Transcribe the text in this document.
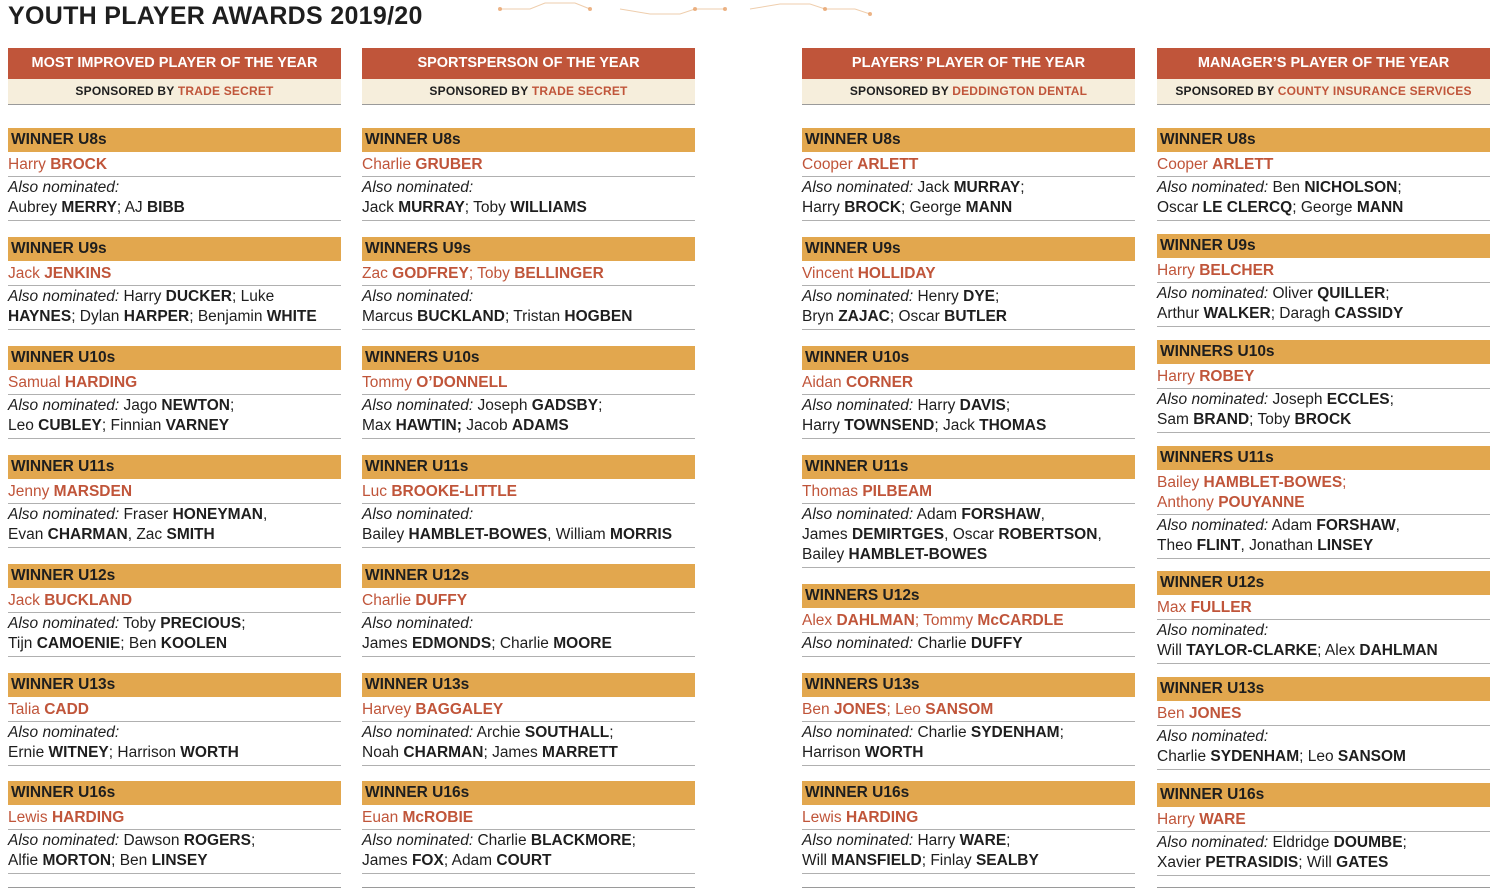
YOUTH PLAYER AWARDS 2019/20
MOST IMPROVED PLAYER OF THE YEAR
SPONSORED BY TRADE SECRET
WINNER U8s
Harry BROCK
Also nominated:
Aubrey MERRY; AJ BIBB
WINNER U9s
Jack JENKINS
Also nominated: Harry DUCKER; Luke
HAYNES; Dylan HARPER; Benjamin WHITE
WINNER U10s
Samual HARDING
Also nominated: Jago NEWTON;
Leo CUBLEY; Finnian VARNEY
WINNER U11s
Jenny MARSDEN
Also nominated: Fraser HONEYMAN,
Evan CHARMAN, Zac SMITH
WINNER U12s
Jack BUCKLAND
Also nominated: Toby PRECIOUS;
Tijn CAMOENIE; Ben KOOLEN
WINNER U13s
Talia CADD
Also nominated:
Ernie WITNEY; Harrison WORTH
WINNER U16s
Lewis HARDING
Also nominated: Dawson ROGERS;
Alfie MORTON; Ben LINSEY
SPORTSPERSON OF THE YEAR
SPONSORED BY TRADE SECRET
WINNER U8s
Charlie GRUBER
Also nominated:
Jack MURRAY; Toby WILLIAMS
WINNERS U9s
Zac GODFREY; Toby BELLINGER
Also nominated:
Marcus BUCKLAND; Tristan HOGBEN
WINNERS U10s
Tommy O’DONNELL
Also nominated: Joseph GADSBY;
Max HAWTIN; Jacob ADAMS
WINNER U11s
Luc BROOKE-LITTLE
Also nominated:
Bailey HAMBLET-BOWES, William MORRIS
WINNER U12s
Charlie DUFFY
Also nominated:
James EDMONDS; Charlie MOORE
WINNER U13s
Harvey BAGGALEY
Also nominated: Archie SOUTHALL;
Noah CHARMAN; James MARRETT
WINNER U16s
Euan McROBIE
Also nominated: Charlie BLACKMORE;
James FOX; Adam COURT
PLAYERS’ PLAYER OF THE YEAR
SPONSORED BY DEDDINGTON DENTAL
WINNER U8s
Cooper ARLETT
Also nominated: Jack MURRAY;
Harry BROCK; George MANN
WINNER U9s
Vincent HOLLIDAY
Also nominated: Henry DYE;
Bryn ZAJAC; Oscar BUTLER
WINNER U10s
Aidan CORNER
Also nominated: Harry DAVIS;
Harry TOWNSEND; Jack THOMAS
WINNER U11s
Thomas PILBEAM
Also nominated: Adam FORSHAW,
James DEMIRTGES, Oscar ROBERTSON,
Bailey HAMBLET-BOWES
WINNERS U12s
Alex DAHLMAN; Tommy McCARDLE
Also nominated: Charlie DUFFY
WINNERS U13s
Ben JONES; Leo SANSOM
Also nominated: Charlie SYDENHAM;
Harrison WORTH
WINNER U16s
Lewis HARDING
Also nominated: Harry WARE;
Will MANSFIELD; Finlay SEALBY
MANAGER’S PLAYER OF THE YEAR
SPONSORED BY COUNTY INSURANCE SERVICES
WINNER U8s
Cooper ARLETT
Also nominated: Ben NICHOLSON;
Oscar LE CLERCQ; George MANN
WINNER U9s
Harry BELCHER
Also nominated: Oliver QUILLER;
Arthur WALKER; Daragh CASSIDY
WINNERS U10s
Harry ROBEY
Also nominated: Joseph ECCLES;
Sam BRAND; Toby BROCK
WINNERS U11s
Bailey HAMBLET-BOWES;
Anthony POUYANNE
Also nominated: Adam FORSHAW,
Theo FLINT, Jonathan LINSEY
WINNER U12s
Max FULLER
Also nominated:
Will TAYLOR-CLARKE; Alex DAHLMAN
WINNER U13s
Ben JONES
Also nominated:
Charlie SYDENHAM; Leo SANSOM
WINNER U16s
Harry WARE
Also nominated: Eldridge DOUMBE;
Xavier PETRASIDIS; Will GATES
